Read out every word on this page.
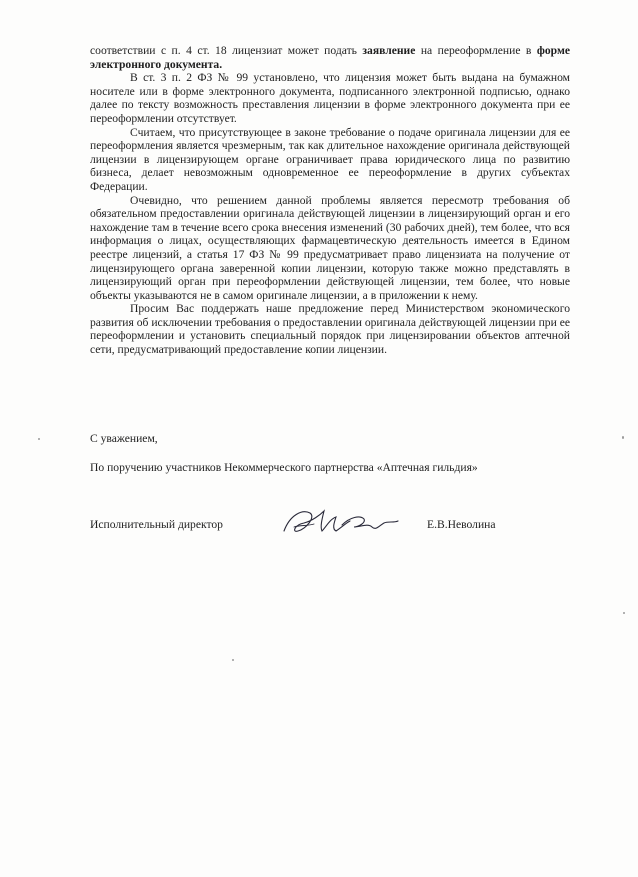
соответствии с п. 4 ст. 18 лицензиат может подать заявление на переоформление в форме электронного документа.

В ст. 3 п. 2 ФЗ № 99 установлено, что лицензия может быть выдана на бумажном носителе или в форме электронного документа, подписанного электронной подписью, однако далее по тексту возможность преставления лицензии в форме электронного документа при ее переоформлении отсутствует.

Считаем, что присутствующее в законе требование о подаче оригинала лицензии для ее переоформления является чрезмерным, так как длительное нахождение оригинала действующей лицензии в лицензирующем органе ограничивает права юридического лица по развитию бизнеса, делает невозможным одновременное ее переоформление в других субъектах Федерации.

Очевидно, что решением данной проблемы является пересмотр требования об обязательном предоставлении оригинала действующей лицензии в лицензирующий орган и его нахождение там в течение всего срока внесения изменений (30 рабочих дней), тем более, что вся информация о лицах, осуществляющих фармацевтическую деятельность имеется в Едином реестре лицензий, а статья 17 ФЗ № 99 предусматривает право лицензиата на получение от лицензирующего органа заверенной копии лицензии, которую также можно представлять в лицензирующий орган при переоформлении действующей лицензии, тем более, что новые объекты указываются не в самом оригинале лицензии, а в приложении к нему.

Просим Вас поддержать наше предложение перед Министерством экономического развития об исключении требования о предоставлении оригинала действующей лицензии при ее переоформлении и установить специальный порядок при лицензировании объектов аптечной сети, предусматривающий предоставление копии лицензии.

С уважением,
По поручению участников Некоммерческого партнерства «Аптечная гильдия»
Исполнительный директор	Е.В.Неволина
